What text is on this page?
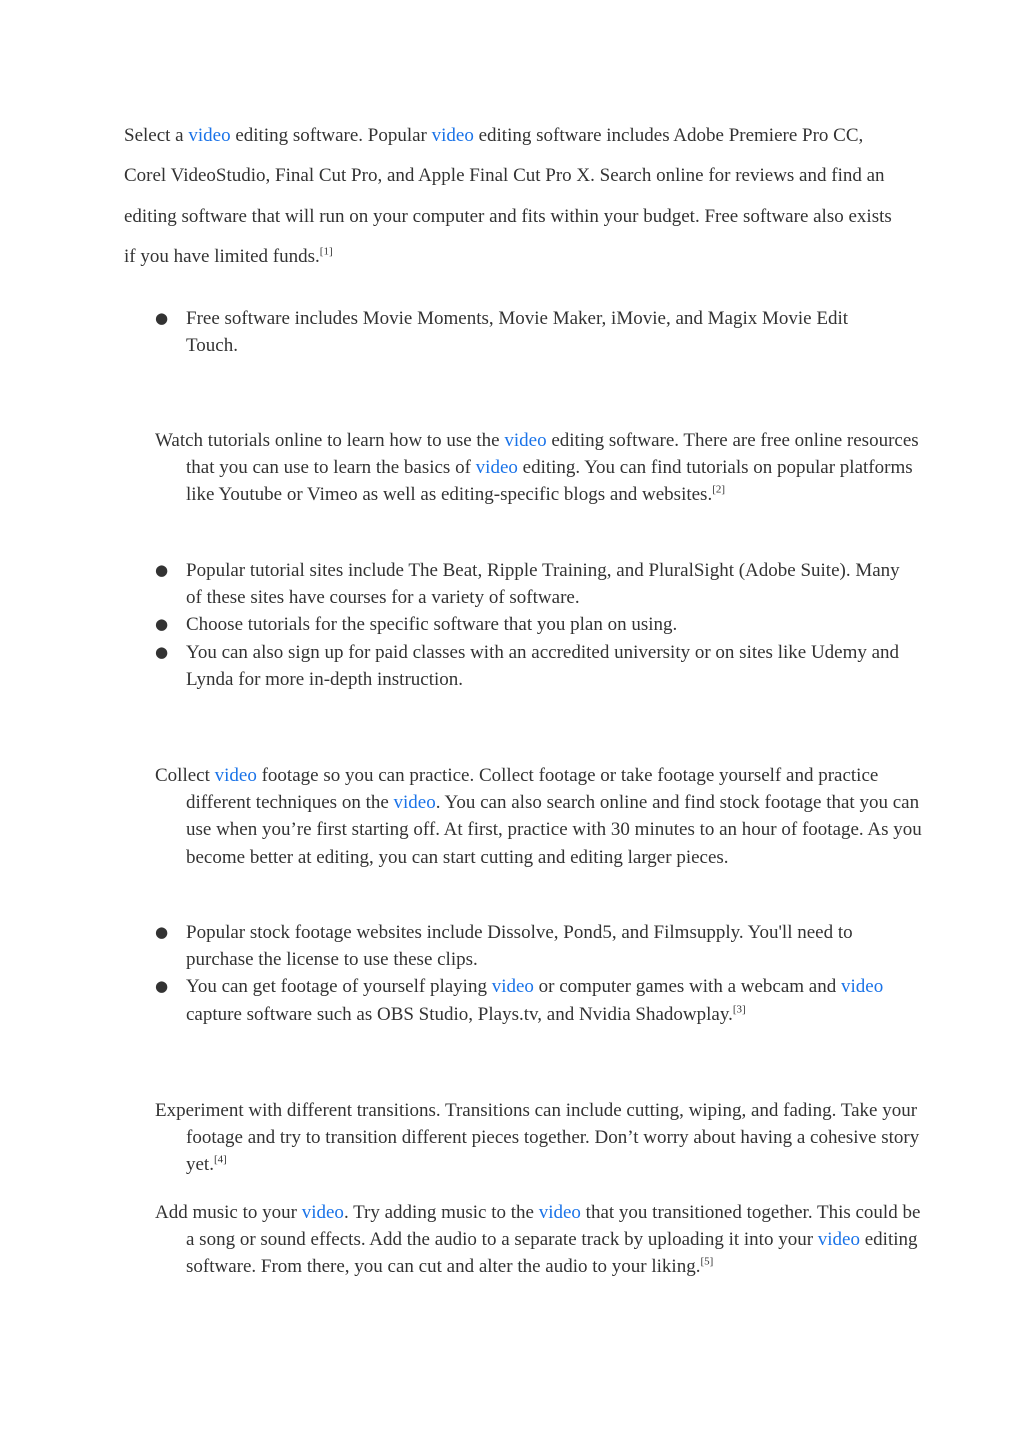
Select a video editing software. Popular video editing software includes Adobe Premiere Pro CC, Corel VideoStudio, Final Cut Pro, and Apple Final Cut Pro X. Search online for reviews and find an editing software that will run on your computer and fits within your budget. Free software also exists if you have limited funds.[1]

● Free software includes Movie Moments, Movie Maker, iMovie, and Magix Movie Edit Touch.

Watch tutorials online to learn how to use the video editing software. There are free online resources that you can use to learn the basics of video editing. You can find tutorials on popular platforms like Youtube or Vimeo as well as editing-specific blogs and websites.[2]

● Popular tutorial sites include The Beat, Ripple Training, and PluralSight (Adobe Suite). Many of these sites have courses for a variety of software.
● Choose tutorials for the specific software that you plan on using.
● You can also sign up for paid classes with an accredited university or on sites like Udemy and Lynda for more in-depth instruction.

Collect video footage so you can practice. Collect footage or take footage yourself and practice different techniques on the video. You can also search online and find stock footage that you can use when you’re first starting off. At first, practice with 30 minutes to an hour of footage. As you become better at editing, you can start cutting and editing larger pieces.

● Popular stock footage websites include Dissolve, Pond5, and Filmsupply. You'll need to purchase the license to use these clips.
● You can get footage of yourself playing video or computer games with a webcam and video capture software such as OBS Studio, Plays.tv, and Nvidia Shadowplay.[3]

Experiment with different transitions. Transitions can include cutting, wiping, and fading. Take your footage and try to transition different pieces together. Don’t worry about having a cohesive story yet.[4]

Add music to your video. Try adding music to the video that you transitioned together. This could be a song or sound effects. Add the audio to a separate track by uploading it into your video editing software. From there, you can cut and alter the audio to your liking.[5]
